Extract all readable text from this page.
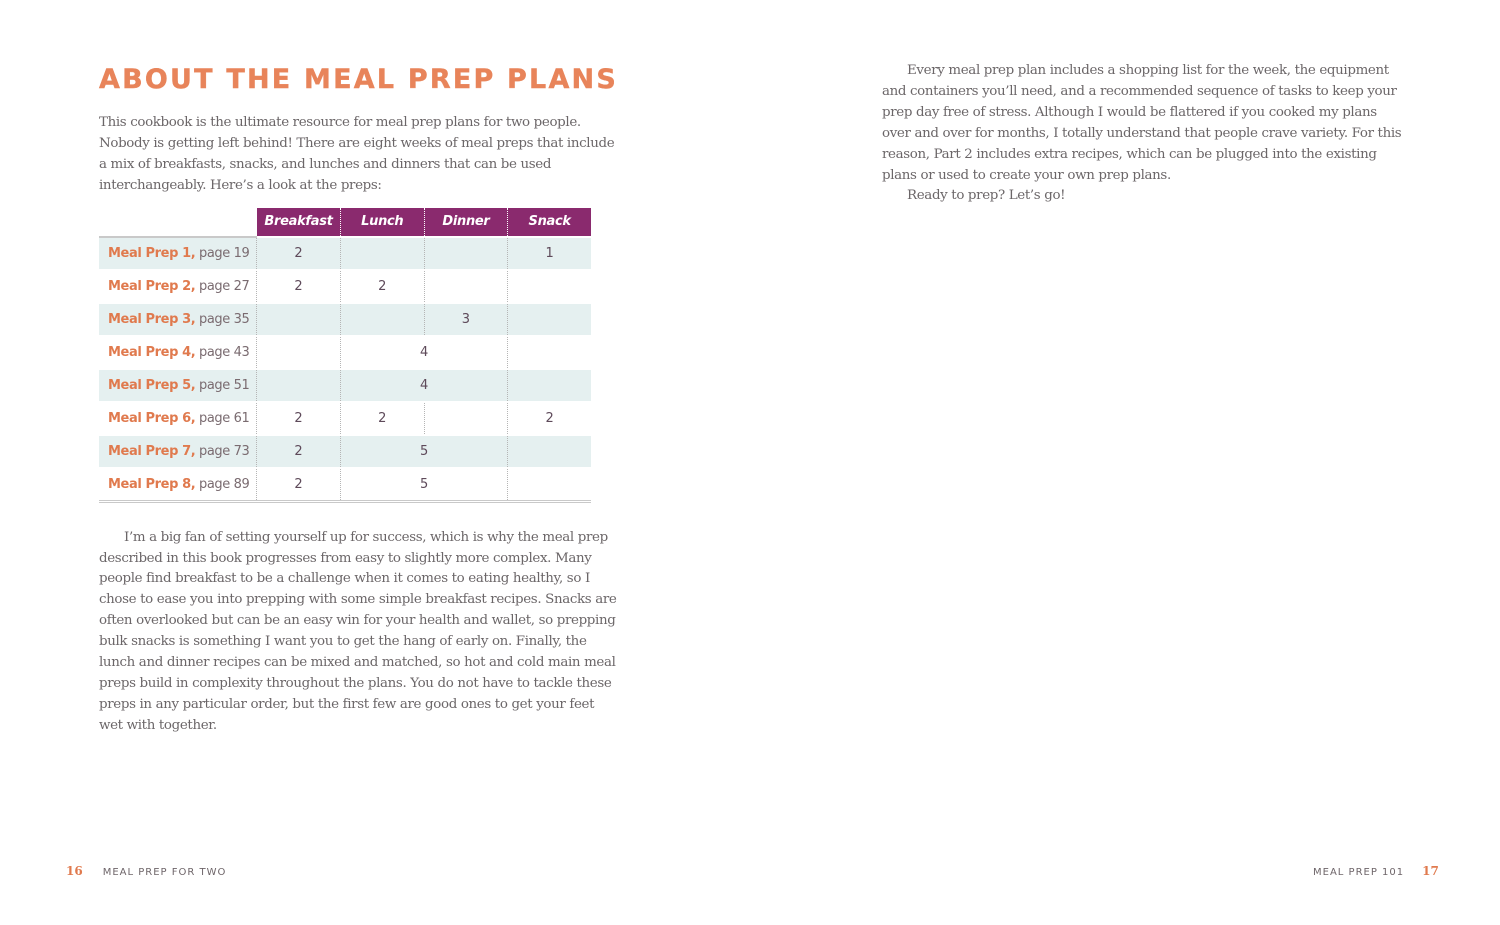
ABOUT THE MEAL PREP PLANS

This cookbook is the ultimate resource for meal prep plans for two people. Nobody is getting left behind! There are eight weeks of meal preps that include a mix of breakfasts, snacks, and lunches and dinners that can be used interchangeably. Here’s a look at the preps:

	Breakfast	Lunch	Dinner	Snack
Meal Prep 1, page 19	2			1
Meal Prep 2, page 27	2	2		
Meal Prep 3, page 35			3	
Meal Prep 4, page 43		4		
Meal Prep 5, page 51		4		
Meal Prep 6, page 61	2	2		2
Meal Prep 7, page 73	2	5		
Meal Prep 8, page 89	2	5		

I’m a big fan of setting yourself up for success, which is why the meal prep described in this book progresses from easy to slightly more complex. Many people find breakfast to be a challenge when it comes to eating healthy, so I chose to ease you into prepping with some simple breakfast recipes. Snacks are often overlooked but can be an easy win for your health and wallet, so prepping bulk snacks is something I want you to get the hang of early on. Finally, the lunch and dinner recipes can be mixed and matched, so hot and cold main meal preps build in complexity throughout the plans. You do not have to tackle these preps in any particular order, but the first few are good ones to get your feet wet with together.

Every meal prep plan includes a shopping list for the week, the equipment and containers you’ll need, and a recommended sequence of tasks to keep your prep day free of stress. Although I would be flattered if you cooked my plans over and over for months, I totally understand that people crave variety. For this reason, Part 2 includes extra recipes, which can be plugged into the existing plans or used to create your own prep plans.

Ready to prep? Let’s go!

16 MEAL PREP FOR TWO	MEAL PREP 101 17
